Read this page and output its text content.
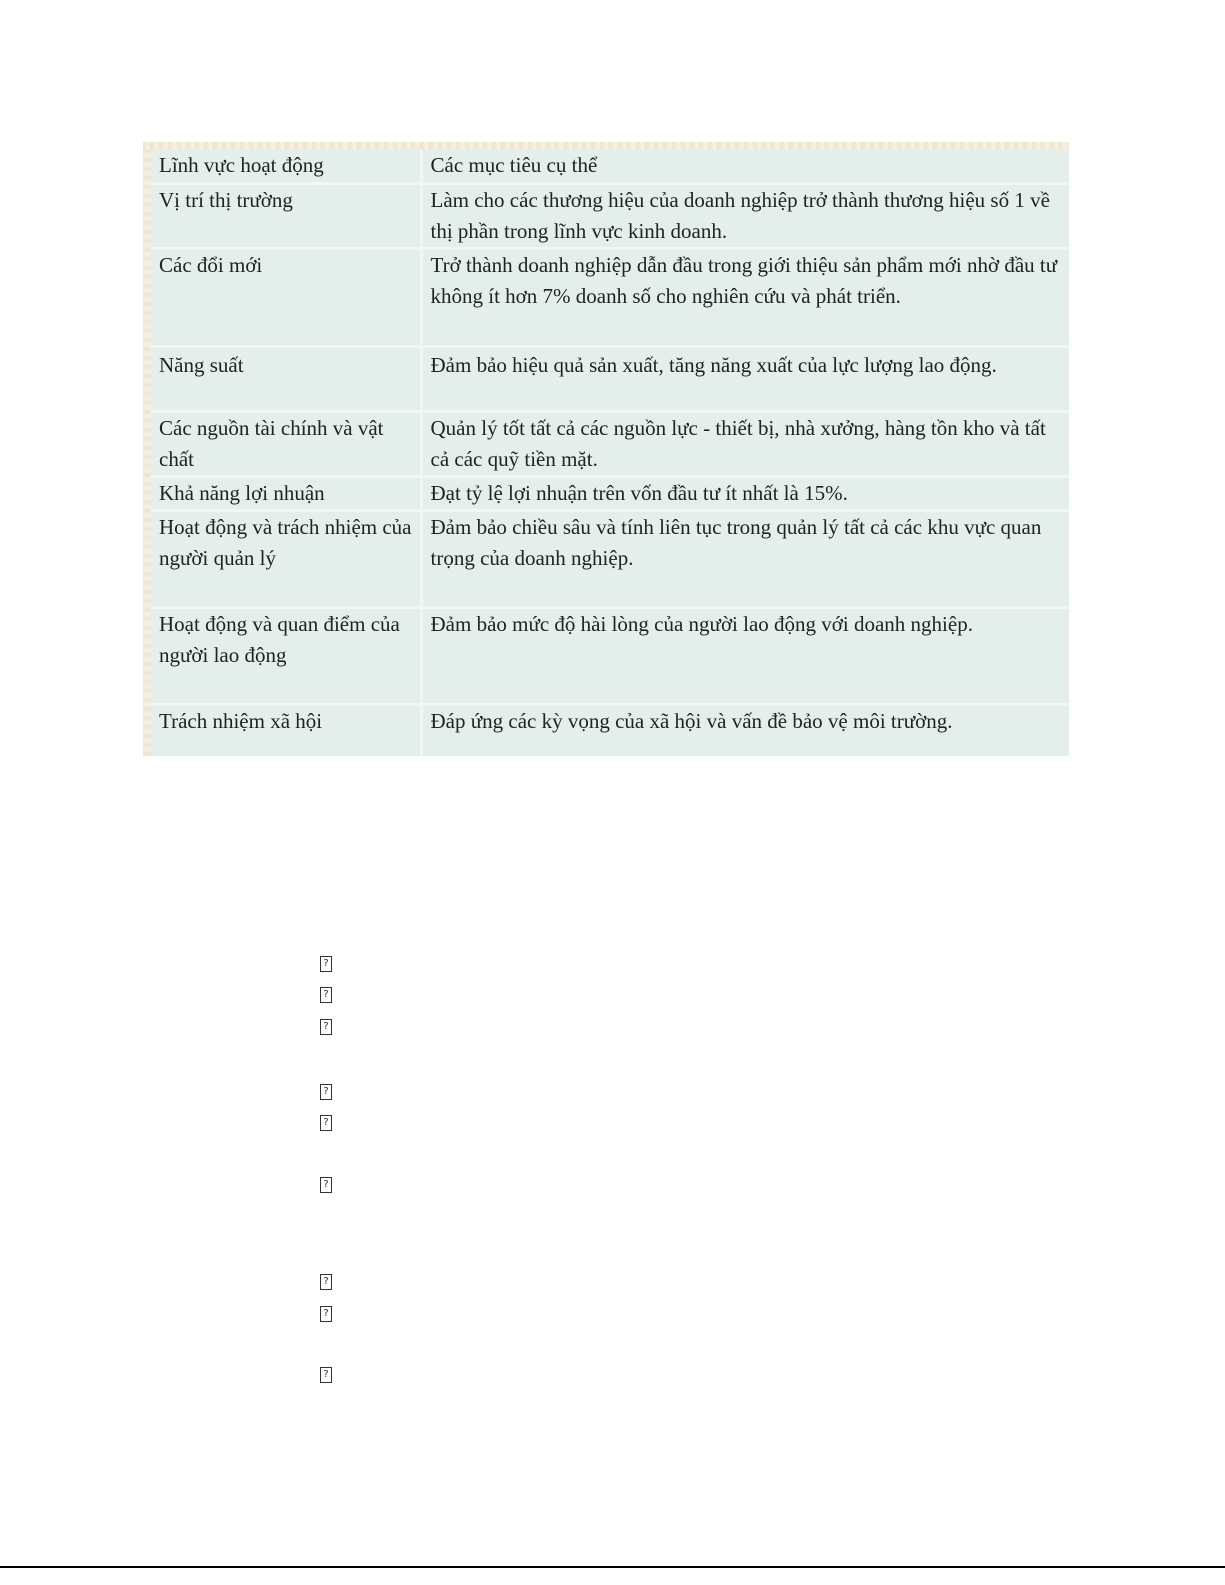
Lĩnh vực hoạt động	Các mục tiêu cụ thể
Vị trí thị trường	Làm cho các thương hiệu của doanh nghiệp trở thành thương hiệu số 1 về thị phần trong lĩnh vực kinh doanh.
Các đổi mới	Trở thành doanh nghiệp dẫn đầu trong giới thiệu sản phẩm mới nhờ đầu tư không ít hơn 7% doanh số cho nghiên cứu và phát triển.
Năng suất	Đảm bảo hiệu quả sản xuất, tăng năng xuất của lực lượng lao động.
Các nguồn tài chính và vật chất	Quản lý tốt tất cả các nguồn lực - thiết bị, nhà xưởng, hàng tồn kho và tất cả các quỹ tiền mặt.
Khả năng lợi nhuận	Đạt tỷ lệ lợi nhuận trên vốn đầu tư ít nhất là 15%.
Hoạt động và trách nhiệm của người quản lý	Đảm bảo chiều sâu và tính liên tục trong quản lý tất cả các khu vực quan trọng của doanh nghiệp.
Hoạt động và quan điểm của người lao động	Đảm bảo mức độ hài lòng của người lao động với doanh nghiệp.
Trách nhiệm xã hội	Đáp ứng các kỳ vọng của xã hội và vấn đề bảo vệ môi trường.
?
?
?
?
?
?
?
?
?
